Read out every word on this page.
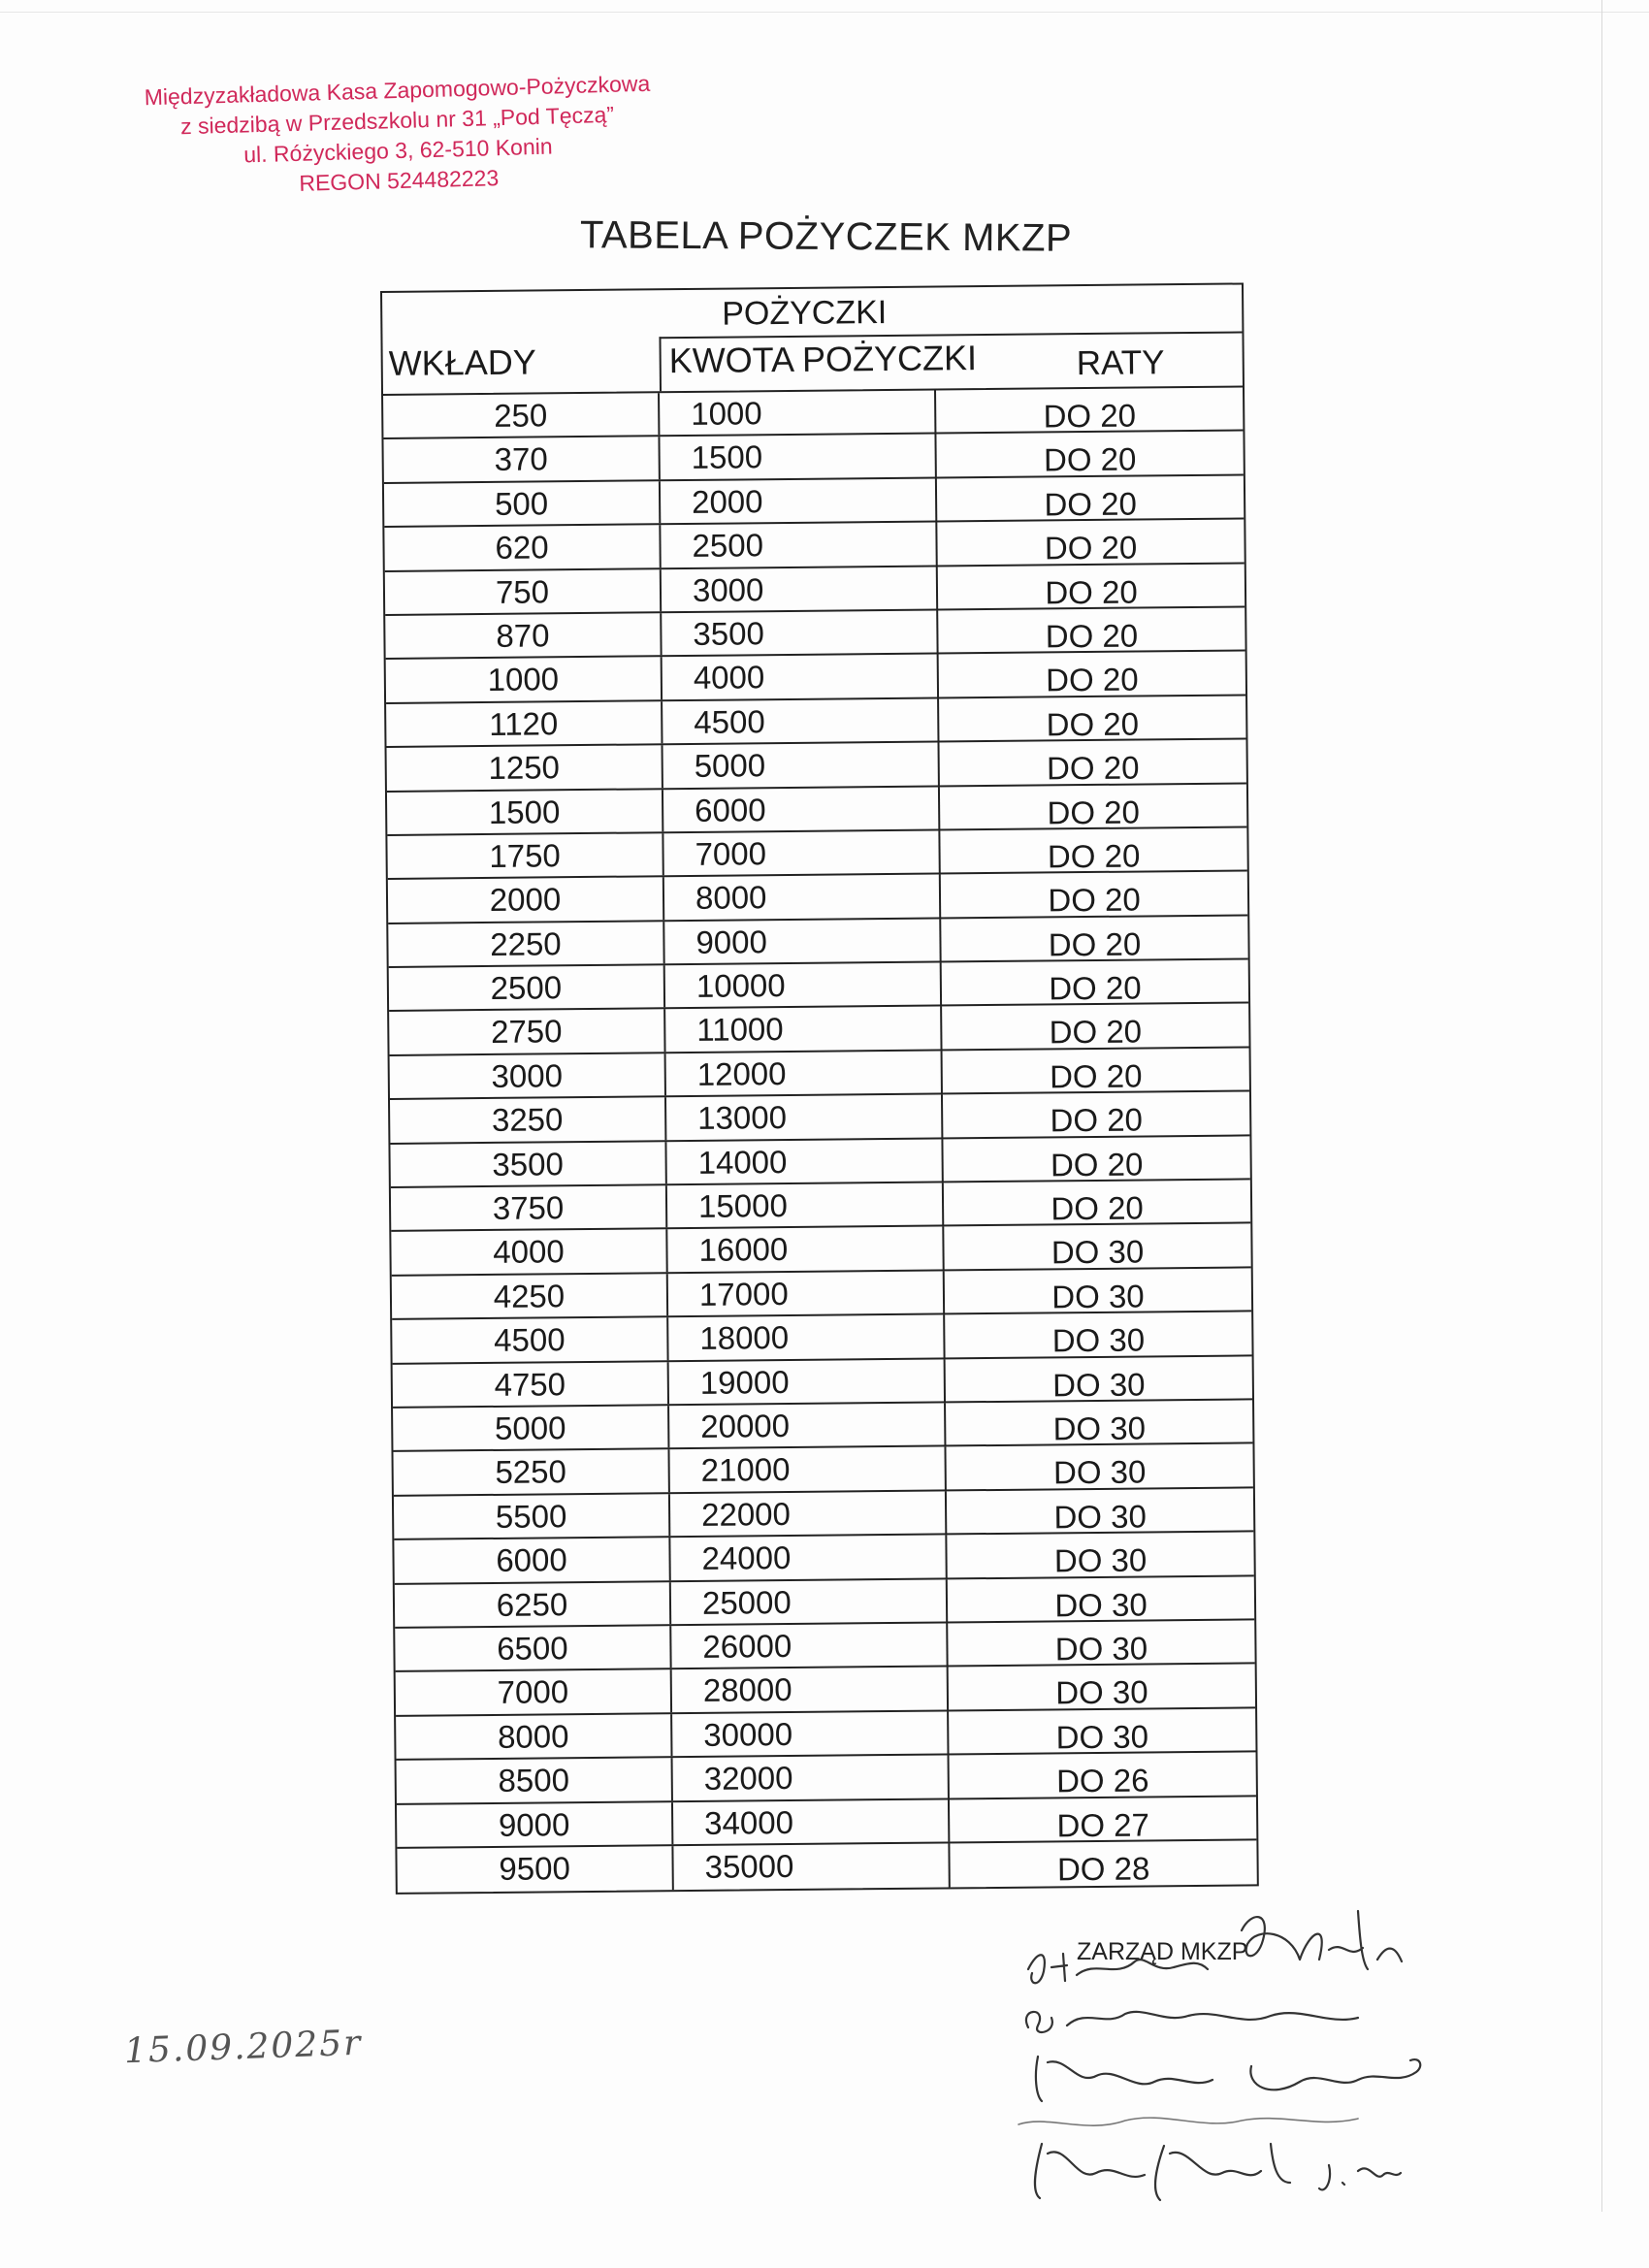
Międzyzakładowa Kasa Zapomogowo-Pożyczkowa
z siedzibą w Przedszkolu nr 31 „Pod Tęczą”
ul. Różyckiego 3, 62-510 Konin
REGON 524482223
TABELA POŻYCZEK MKZP
POŻYCZKI
WKŁADY	KWOTA POŻYCZKI	RATY
250	1000	DO 20
370	1500	DO 20
500	2000	DO 20
620	2500	DO 20
750	3000	DO 20
870	3500	DO 20
1000	4000	DO 20
1120	4500	DO 20
1250	5000	DO 20
1500	6000	DO 20
1750	7000	DO 20
2000	8000	DO 20
2250	9000	DO 20
2500	10000	DO 20
2750	11000	DO 20
3000	12000	DO 20
3250	13000	DO 20
3500	14000	DO 20
3750	15000	DO 20
4000	16000	DO 30
4250	17000	DO 30
4500	18000	DO 30
4750	19000	DO 30
5000	20000	DO 30
5250	21000	DO 30
5500	22000	DO 30
6000	24000	DO 30
6250	25000	DO 30
6500	26000	DO 30
7000	28000	DO 30
8000	30000	DO 30
8500	32000	DO 26
9000	34000	DO 27
9500	35000	DO 28
ZARZĄD MKZP
15.09.2025r
